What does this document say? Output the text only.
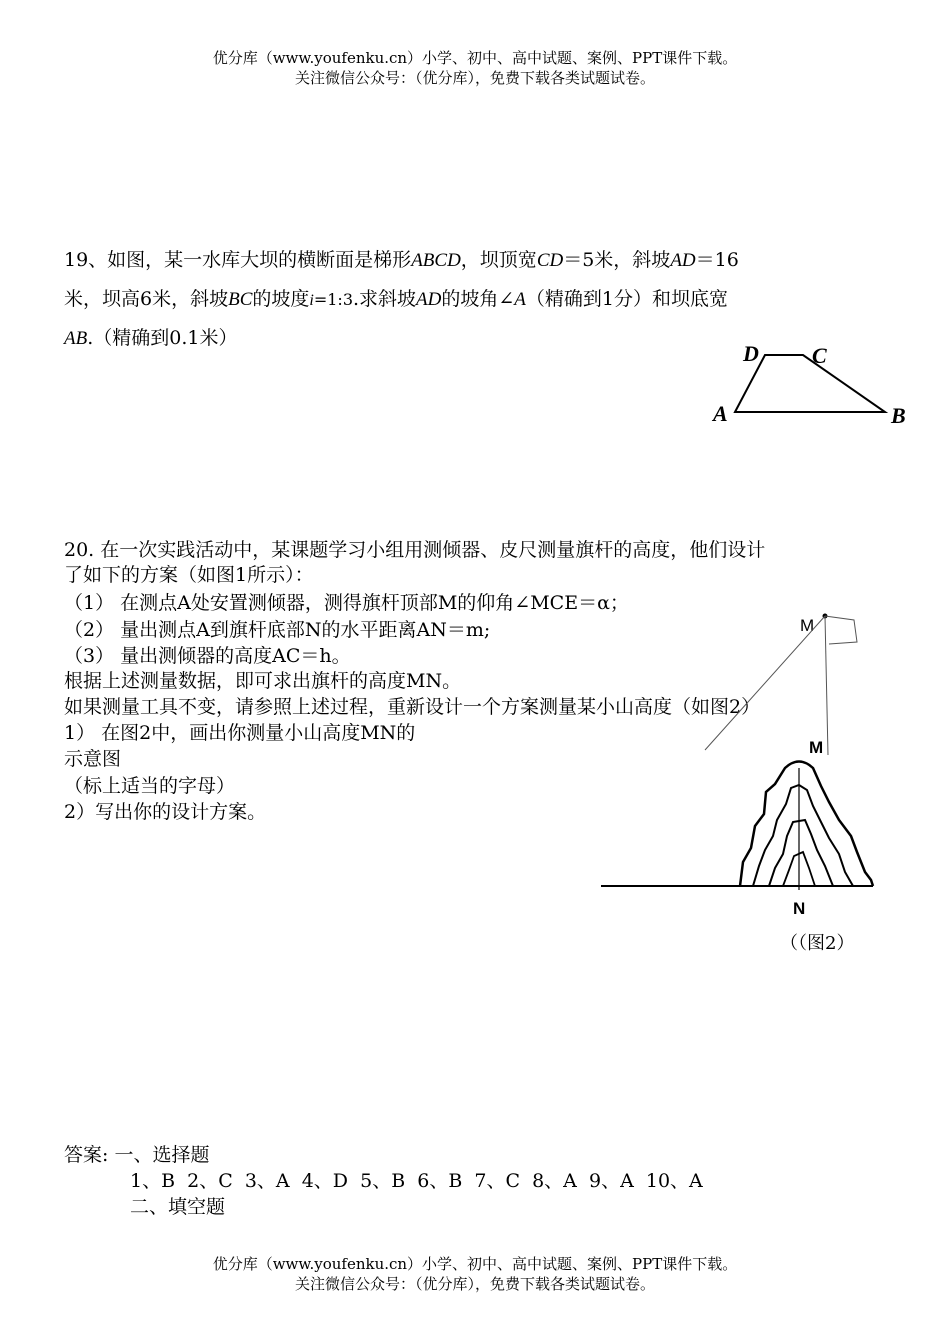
优分库（www.youfenku.cn）小学、初中、高中试题、案例、PPT课件下载。
关注微信公众号：（优分库），免费下载各类试题试卷。
19、如图，某一水库大坝的横断面是梯形ABCD，坝顶宽CD＝5米，斜坡AD＝16
米，坝高6米，斜坡BC的坡度i=1:3.求斜坡AD的坡角∠A（精确到1分）和坝底宽
AB.（精确到0.1米）
D C
A	B
20. 在一次实践活动中，某课题学习小组用测倾器、皮尺测量旗杆的高度，他们设计
了如下的方案（如图1所示）：
（1） 在测点A处安置测倾器，测得旗杆顶部M的仰角∠MCE＝α；
（2） 量出测点A到旗杆底部N的水平距离AN＝m;
（3） 量出测倾器的高度AC＝h。
根据上述测量数据，即可求出旗杆的高度MN。
如果测量工具不变，请参照上述过程，重新设计一个方案测量某小山高度（如图2）
1） 在图2中，画出你测量小山高度MN的
示意图
（标上适当的字母）
2）写出你的设计方案。
M
M
N
（（图2）
答案: 一、选择题
1、B  2、C  3、A  4、D  5、B  6、B  7、C  8、A  9、A  10、A
二、填空题
优分库（www.youfenku.cn）小学、初中、高中试题、案例、PPT课件下载。
关注微信公众号：（优分库），免费下载各类试题试卷。
